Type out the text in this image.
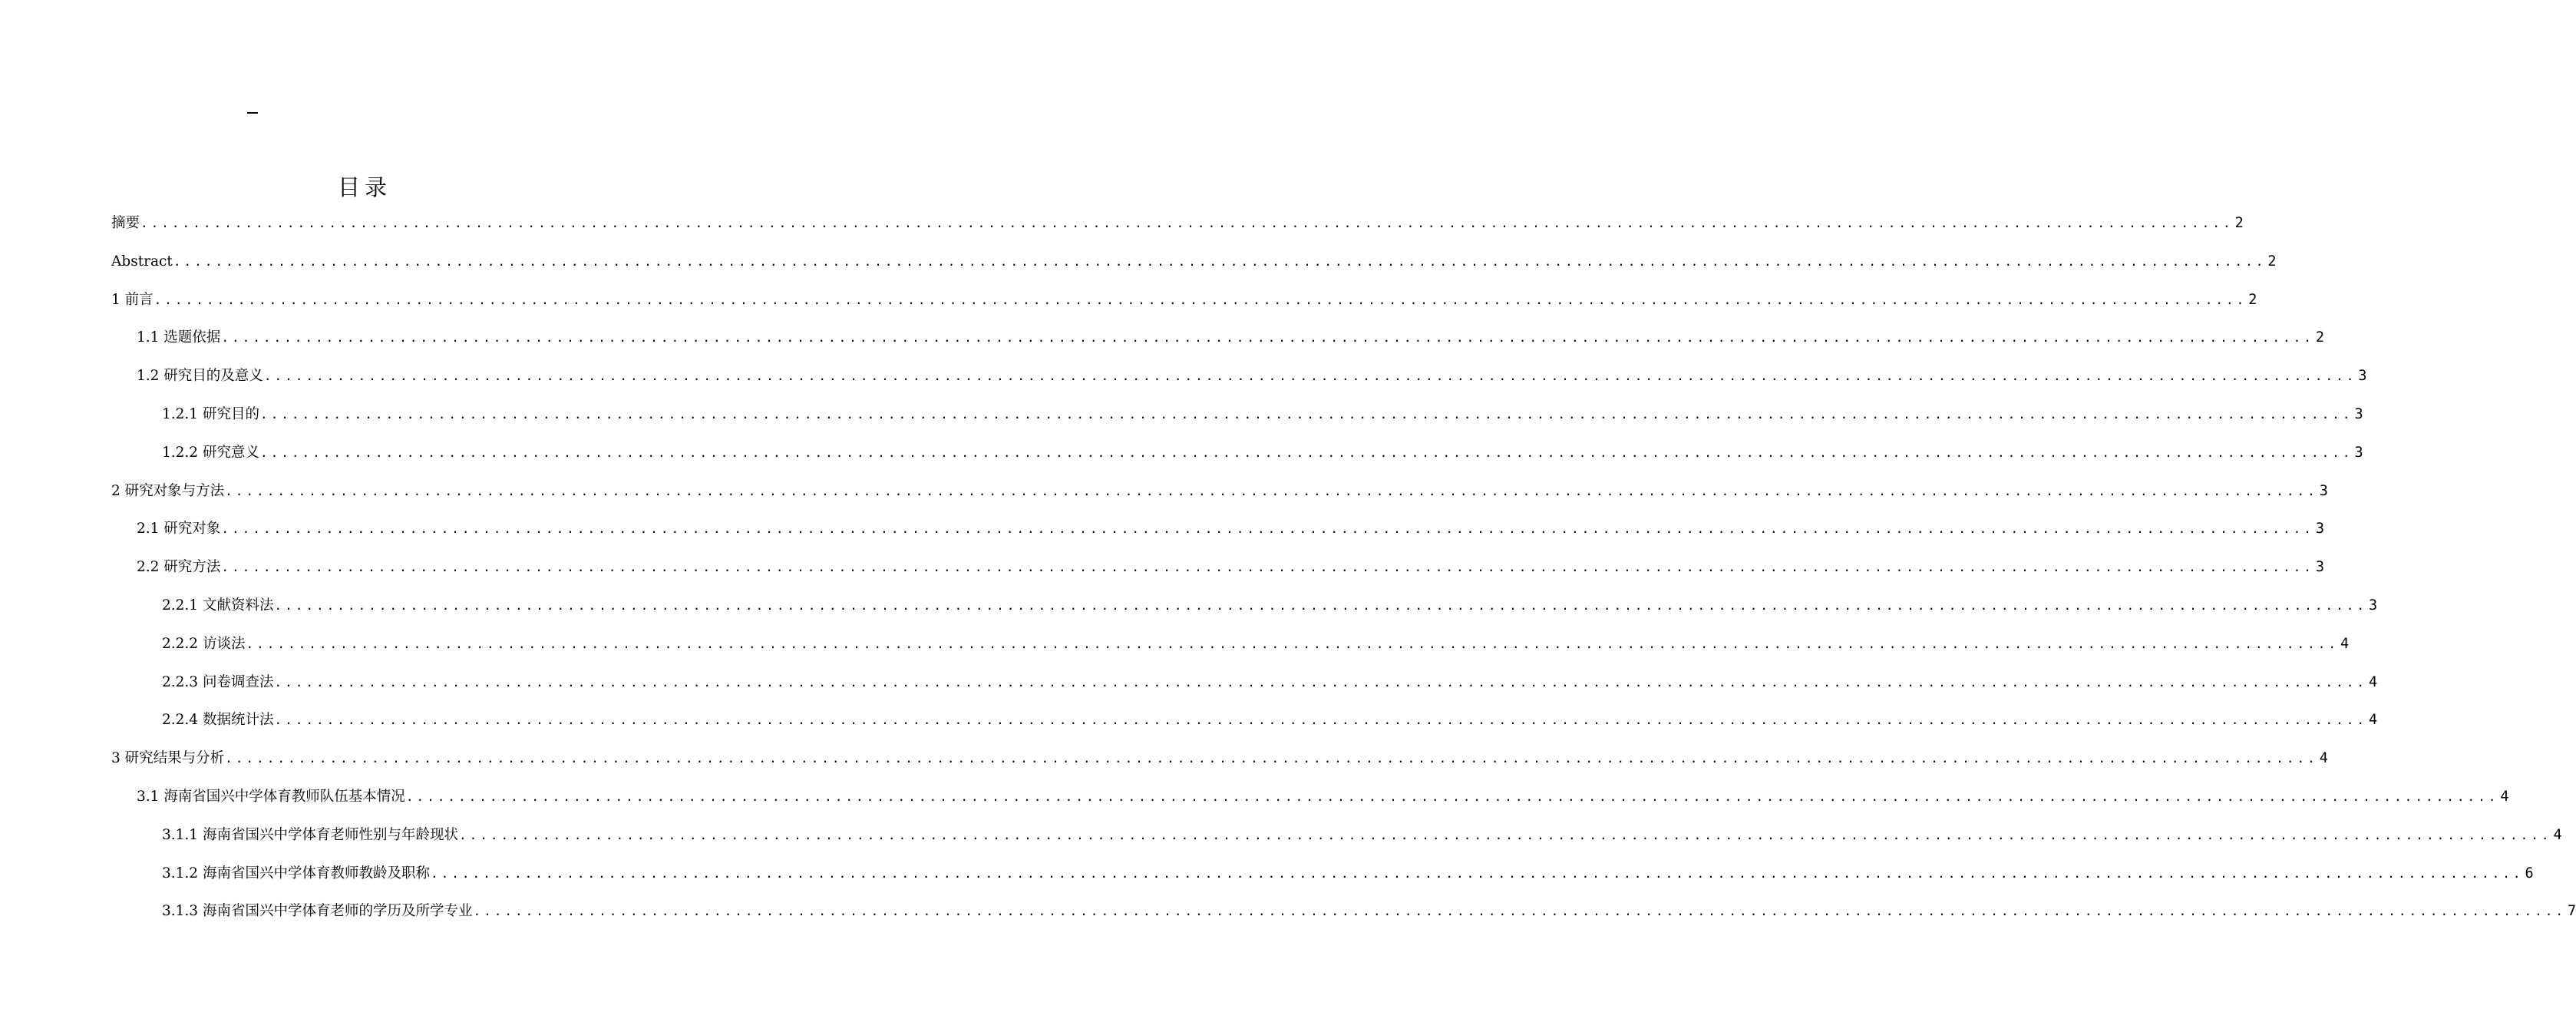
目录
摘要 ........................................................................................................................................................................................................ 2
Abstract ........................................................................................................................................................................................................ 2
1 前言 ........................................................................................................................................................................................................ 2
1.1 选题依据 ........................................................................................................................................................................................................ 2
1.2 研究目的及意义 ........................................................................................................................................................................................................ 3
1.2.1 研究目的 ........................................................................................................................................................................................................ 3
1.2.2 研究意义 ........................................................................................................................................................................................................ 3
2 研究对象与方法 ........................................................................................................................................................................................................ 3
2.1 研究对象 ........................................................................................................................................................................................................ 3
2.2 研究方法 ........................................................................................................................................................................................................ 3
2.2.1 文献资料法 ........................................................................................................................................................................................................ 3
2.2.2 访谈法 ........................................................................................................................................................................................................ 4
2.2.3 问卷调查法 ........................................................................................................................................................................................................ 4
2.2.4 数据统计法 ........................................................................................................................................................................................................ 4
3 研究结果与分析 ........................................................................................................................................................................................................ 4
3.1 海南省国兴中学体育教师队伍基本情况 ........................................................................................................................................................................................................ 4
3.1.1 海南省国兴中学体育老师性别与年龄现状 ........................................................................................................................................................................................................ 4
3.1.2 海南省国兴中学体育教师教龄及职称 ........................................................................................................................................................................................................ 6
3.1.3 海南省国兴中学体育老师的学历及所学专业 ........................................................................................................................................................................................................ 7
